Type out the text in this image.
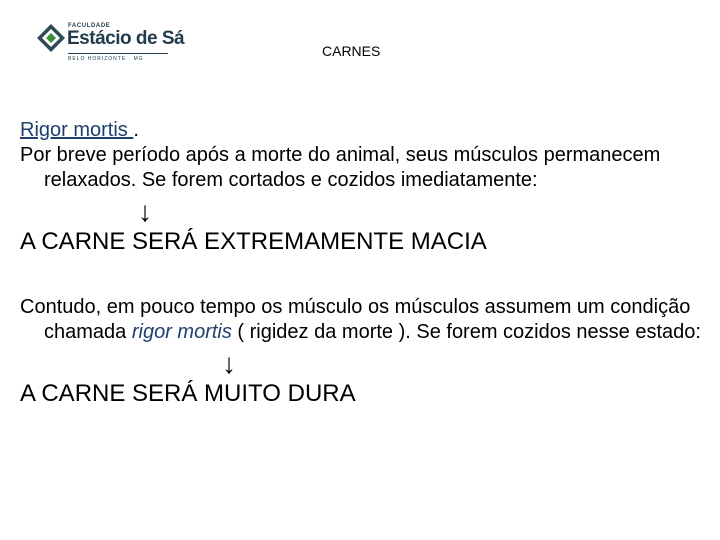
FACULDADE
Estácio de Sá
BELO HORIZONTE · MG	CARNES

Rigor mortis .

Por breve período após a morte do animal, seus músculos permanecem relaxados. Se forem cortados e cozidos imediatamente:

↓

A CARNE SERÁ EXTREMAMENTE MACIA

Contudo, em pouco tempo os músculo os músculos assumem um condição chamada rigor mortis ( rigidez da morte ). Se forem cozidos nesse estado:

↓

A CARNE SERÁ MUITO DURA
